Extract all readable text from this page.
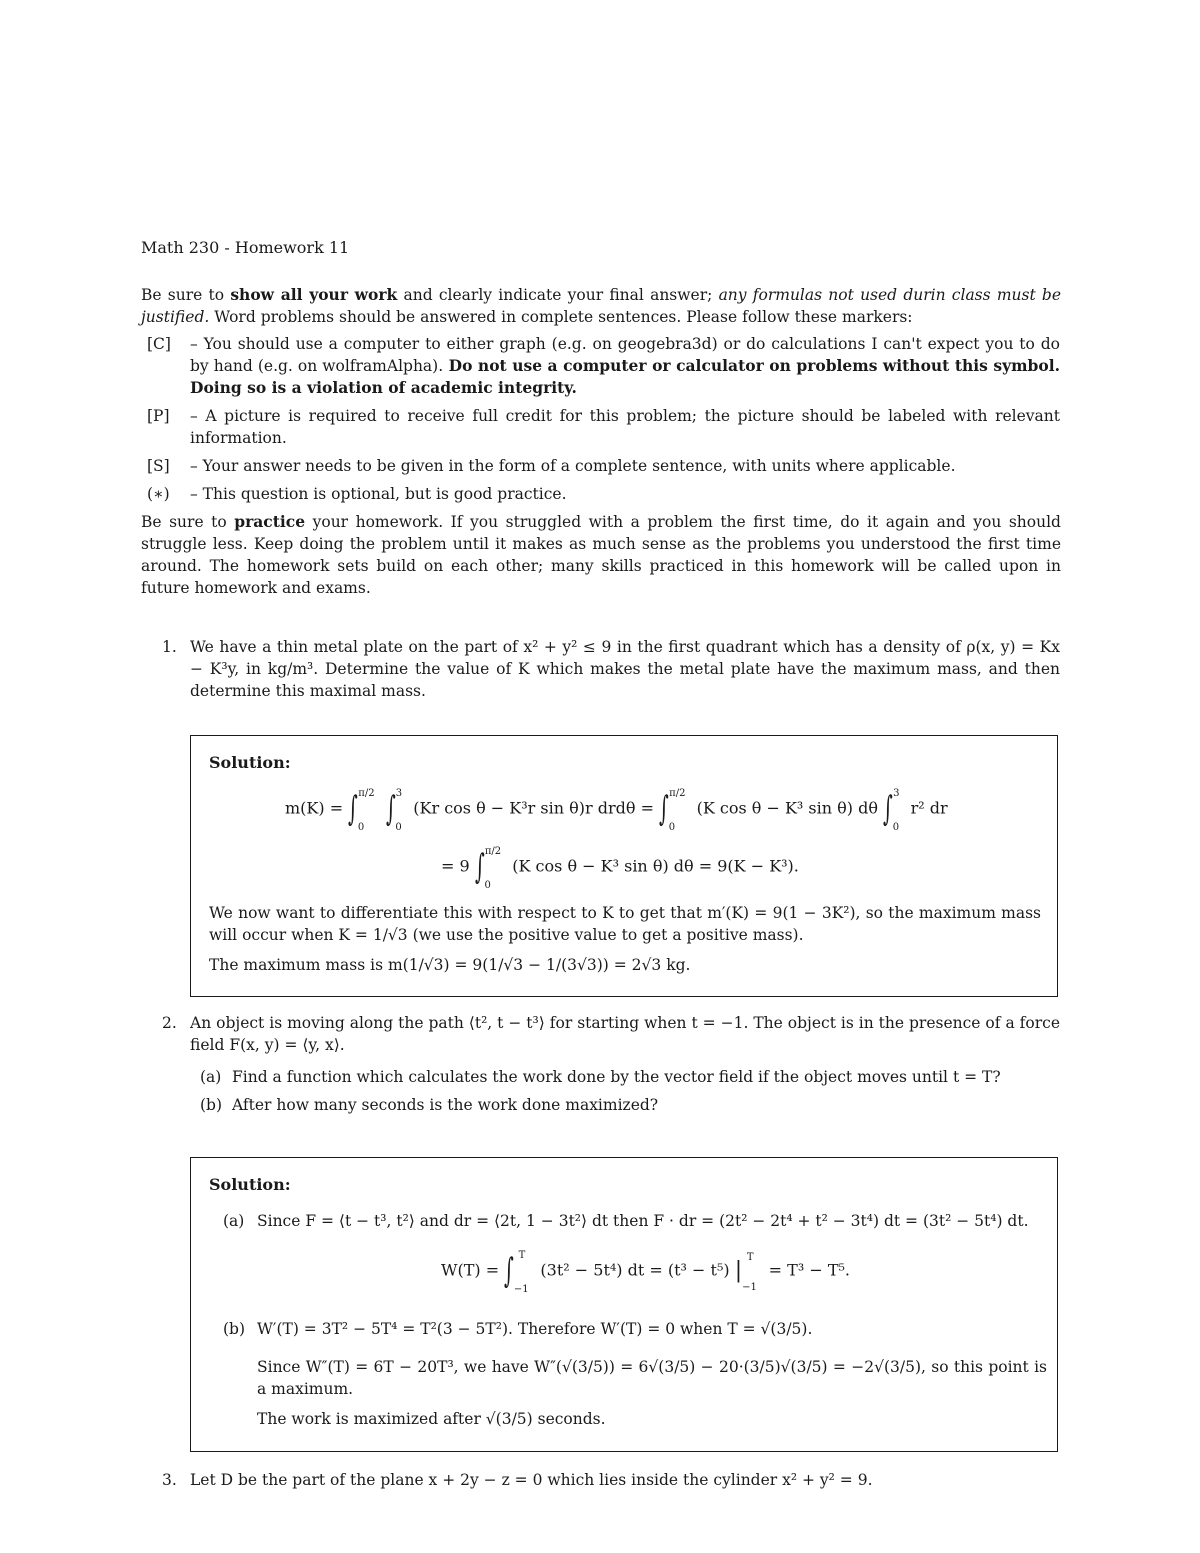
Math 230 - Homework 11
Be sure to show all your work and clearly indicate your final answer; any formulas not used durin class must be justified. Word problems should be answered in complete sentences. Please follow these markers:
[C]	– You should use a computer to either graph (e.g. on geogebra3d) or do calculations I can't expect you to do by hand (e.g. on wolframAlpha). Do not use a computer or calculator on problems without this symbol. Doing so is a violation of academic integrity.
[P]	– A picture is required to receive full credit for this problem; the picture should be labeled with relevant information.
[S]	– Your answer needs to be given in the form of a complete sentence, with units where applicable.
(∗)	– This question is optional, but is good practice.
Be sure to practice your homework. If you struggled with a problem the first time, do it again and you should struggle less. Keep doing the problem until it makes as much sense as the problems you understood the first time around. The homework sets build on each other; many skills practiced in this homework will be called upon in future homework and exams.
1. We have a thin metal plate on the part of x² + y² ≤ 9 in the first quadrant which has a density of ρ(x, y) = Kx − K³y, in kg/m³. Determine the value of K which makes the metal plate have the maximum mass, and then determine this maximal mass.
Solution:
$m(K) = \int_0^{\pi/2}$ $\int_0^3$ (Kr cos θ − K³r sin θ)r $drd\theta = \int_0^{\pi/2}$ (K cos θ − K³ sin θ) dθ $\int_0^3$ r² dr
= 9 $\int_0^{\pi/2}$ (K cos θ − K³ sin θ) dθ = 9(K − K³).
We now want to differentiate this with respect to K to get that m′(K) = 9(1 − 3K²), so the maximum mass will occur when K = 1/√3 (we use the positive value to get a positive mass).
The maximum mass is m(1/√3) = 9(1/√3 − 1/(3√3)) = 2√3 kg.
2. An object is moving along the path ⟨t², t − t³⟩ for starting when t = −1. The object is in the presence of a force field F(x, y) = ⟨y, x⟩.
(a) Find a function which calculates the work done by the vector field if the object moves until t = T?
(b) After how many seconds is the work done maximized?
Solution:
(a) Since F = ⟨t − t³, t²⟩ and dr = ⟨2t, 1 − 3t²⟩ dt then F · dr = (2t² − 2t⁴ + t² − 3t⁴) dt = (3t² − 5t⁴) dt.
$W(T) = \int_{-1}^T$ (3t² − 5t⁴) dt = (t³ − t⁵) $|_{-1}^T = T^3 - T^5$.
(b) W′(T) = 3T² − 5T⁴ = T²(3 − 5T²). Therefore W′(T) = 0 when T = √(3/5).
Since W″(T) = 6T − 20T³, we have W″(√(3/5)) = 6√(3/5) − 20·(3/5)√(3/5) = −2√(3/5), so this point is a maximum.
The work is maximized after √(3/5) seconds.
3. Let D be the part of the plane x + 2y − z = 0 which lies inside the cylinder x² + y² = 9.
